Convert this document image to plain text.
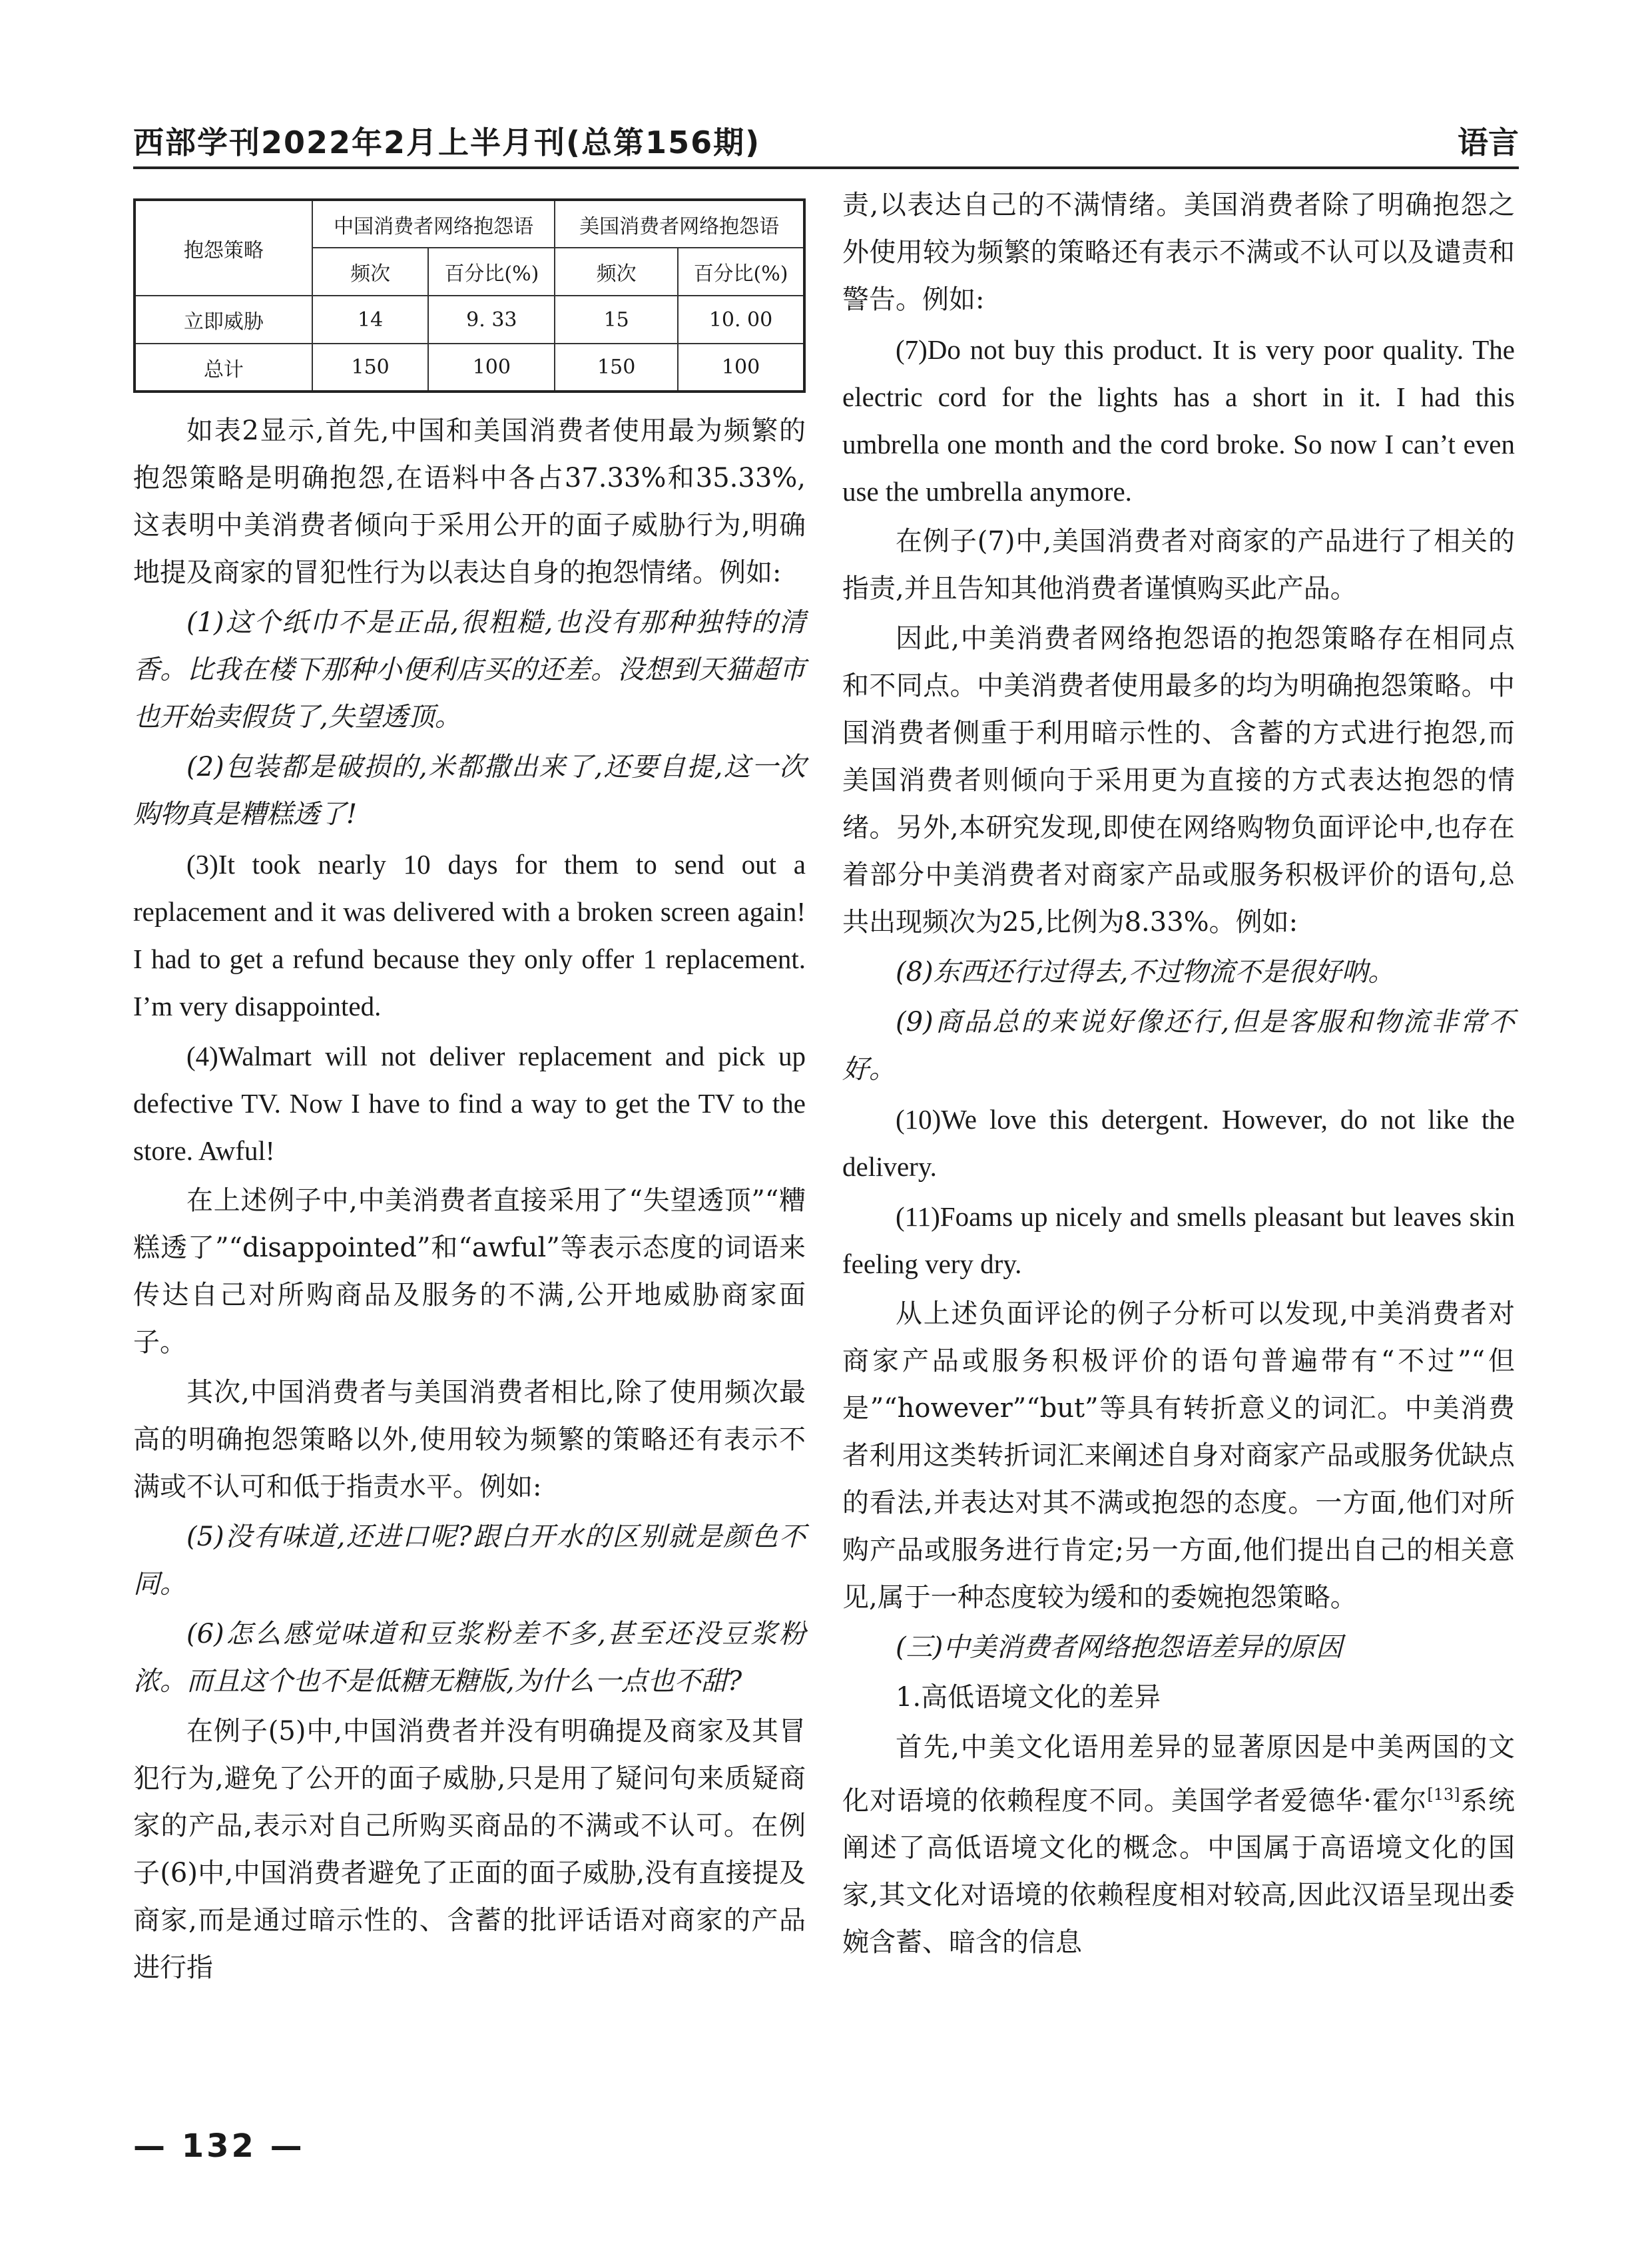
西部学刊2022年2月上半月刊(总第156期)	语言
抱怨策略	中国消费者网络抱怨语		美国消费者网络抱怨语	
	频次	百分比(%)	频次	百分比(%)
立即威胁	14	9. 33	15	10. 00
总计	150	100	150	100

如表2显示,首先,中国和美国消费者使用最为频繁的抱怨策略是明确抱怨,在语料中各占37.33%和35.33%,这表明中美消费者倾向于采用公开的面子威胁行为,明确地提及商家的冒犯性行为以表达自身的抱怨情绪。例如:

(1)这个纸巾不是正品,很粗糙,也没有那种独特的清香。比我在楼下那种小便利店买的还差。没想到天猫超市也开始卖假货了,失望透顶。

(2)包装都是破损的,米都撒出来了,还要自提,这一次购物真是糟糕透了!

(3)It took nearly 10 days for them to send out a replacement and it was delivered with a broken screen again! I had to get a refund because they only offer 1 replacement. I’m very disappointed.

(4)Walmart will not deliver replacement and pick up defective TV. Now I have to find a way to get the TV to the store. Awful!

在上述例子中,中美消费者直接采用了“失望透顶”“糟糕透了”“disappointed”和“awful”等表示态度的词语来传达自己对所购商品及服务的不满,公开地威胁商家面子。

其次,中国消费者与美国消费者相比,除了使用频次最高的明确抱怨策略以外,使用较为频繁的策略还有表示不满或不认可和低于指责水平。例如:

(5)没有味道,还进口呢?跟白开水的区别就是颜色不同。

(6)怎么感觉味道和豆浆粉差不多,甚至还没豆浆粉浓。而且这个也不是低糖无糖版,为什么一点也不甜?

在例子(5)中,中国消费者并没有明确提及商家及其冒犯行为,避免了公开的面子威胁,只是用了疑问句来质疑商家的产品,表示对自己所购买商品的不满或不认可。在例子(6)中,中国消费者避免了正面的面子威胁,没有直接提及商家,而是通过暗示性的、含蓄的批评话语对商家的产品进行指

责,以表达自己的不满情绪。美国消费者除了明确抱怨之外使用较为频繁的策略还有表示不满或不认可以及谴责和警告。例如:

(7)Do not buy this product. It is very poor quality. The electric cord for the lights has a short in it. I had this umbrella one month and the cord broke. So now I can’t even use the umbrella anymore.

在例子(7)中,美国消费者对商家的产品进行了相关的指责,并且告知其他消费者谨慎购买此产品。

因此,中美消费者网络抱怨语的抱怨策略存在相同点和不同点。中美消费者使用最多的均为明确抱怨策略。中国消费者侧重于利用暗示性的、含蓄的方式进行抱怨,而美国消费者则倾向于采用更为直接的方式表达抱怨的情绪。另外,本研究发现,即使在网络购物负面评论中,也存在着部分中美消费者对商家产品或服务积极评价的语句,总共出现频次为25,比例为8.33%。例如:

(8)东西还行过得去,不过物流不是很好呐。

(9)商品总的来说好像还行,但是客服和物流非常不好。

(10)We love this detergent. However, do not like the delivery.

(11)Foams up nicely and smells pleasant but leaves skin feeling very dry.

从上述负面评论的例子分析可以发现,中美消费者对商家产品或服务积极评价的语句普遍带有“不过”“但是”“however”“but”等具有转折意义的词汇。中美消费者利用这类转折词汇来阐述自身对商家产品或服务优缺点的看法,并表达对其不满或抱怨的态度。一方面,他们对所购产品或服务进行肯定;另一方面,他们提出自己的相关意见,属于一种态度较为缓和的委婉抱怨策略。

(三)中美消费者网络抱怨语差异的原因

1.高低语境文化的差异

首先,中美文化语用差异的显著原因是中美两国的文化对语境的依赖程度不同。美国学者爱德华·霍尔[13]系统阐述了高低语境文化的概念。中国属于高语境文化的国家,其文化对语境的依赖程度相对较高,因此汉语呈现出委婉含蓄、暗含的信息

— 132 —
